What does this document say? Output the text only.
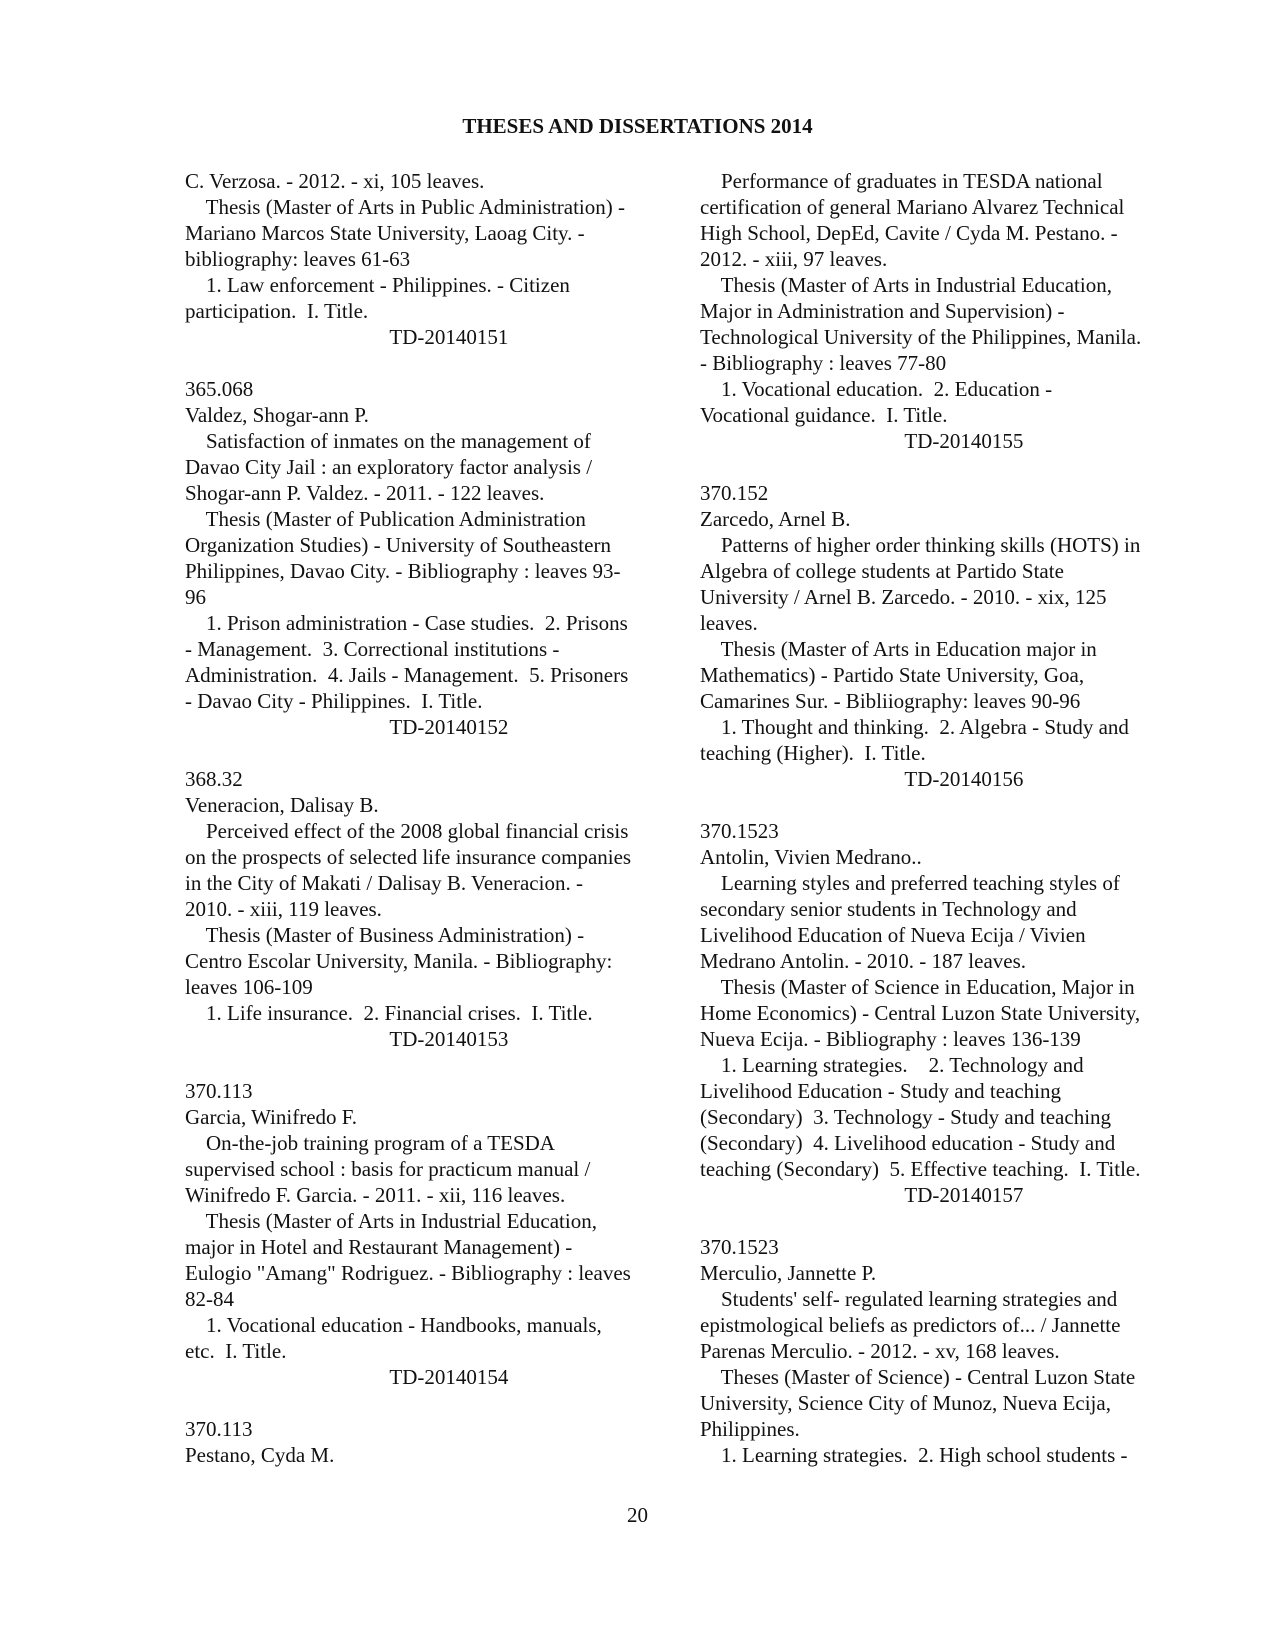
THESES AND DISSERTATIONS 2014
C. Verzosa. - 2012. - xi, 105 leaves.
Thesis (Master of Arts in Public Administration) -
Mariano Marcos State University, Laoag City. -
bibliography: leaves 61-63
1. Law enforcement - Philippines. - Citizen
participation.  I. Title.
TD-20140151
365.068
Valdez, Shogar-ann P.
Satisfaction of inmates on the management of
Davao City Jail : an exploratory factor analysis /
Shogar-ann P. Valdez. - 2011. - 122 leaves.
Thesis (Master of Publication Administration
Organization Studies) - University of Southeastern
Philippines, Davao City. - Bibliography : leaves 93-
96
1. Prison administration - Case studies.  2. Prisons
- Management.  3. Correctional institutions -
Administration.  4. Jails - Management.  5. Prisoners
- Davao City - Philippines.  I. Title.
TD-20140152
368.32
Veneracion, Dalisay B.
Perceived effect of the 2008 global financial crisis
on the prospects of selected life insurance companies
in the City of Makati / Dalisay B. Veneracion. -
2010. - xiii, 119 leaves.
Thesis (Master of Business Administration) -
Centro Escolar University, Manila. - Bibliography:
leaves 106-109
1. Life insurance.  2. Financial crises.  I. Title.
TD-20140153
370.113
Garcia, Winifredo F.
On-the-job training program of a TESDA
supervised school : basis for practicum manual /
Winifredo F. Garcia. - 2011. - xii, 116 leaves.
Thesis (Master of Arts in Industrial Education,
major in Hotel and Restaurant Management) -
Eulogio "Amang" Rodriguez. - Bibliography : leaves
82-84
1. Vocational education - Handbooks, manuals,
etc.  I. Title.
TD-20140154
370.113
Pestano, Cyda M.
Performance of graduates in TESDA national
certification of general Mariano Alvarez Technical
High School, DepEd, Cavite / Cyda M. Pestano. -
2012. - xiii, 97 leaves.
Thesis (Master of Arts in Industrial Education,
Major in Administration and Supervision) -
Technological University of the Philippines, Manila.
- Bibliography : leaves 77-80
1. Vocational education.  2. Education -
Vocational guidance.  I. Title.
TD-20140155
370.152
Zarcedo, Arnel B.
Patterns of higher order thinking skills (HOTS) in
Algebra of college students at Partido State
University / Arnel B. Zarcedo. - 2010. - xix, 125
leaves.
Thesis (Master of Arts in Education major in
Mathematics) - Partido State University, Goa,
Camarines Sur. - Bibliiography: leaves 90-96
1. Thought and thinking.  2. Algebra - Study and
teaching (Higher).  I. Title.
TD-20140156
370.1523
Antolin, Vivien Medrano..
Learning styles and preferred teaching styles of
secondary senior students in Technology and
Livelihood Education of Nueva Ecija / Vivien
Medrano Antolin. - 2010. - 187 leaves.
Thesis (Master of Science in Education, Major in
Home Economics) - Central Luzon State University,
Nueva Ecija. - Bibliography : leaves 136-139
1. Learning strategies.    2. Technology and
Livelihood Education - Study and teaching
(Secondary)  3. Technology - Study and teaching
(Secondary)  4. Livelihood education - Study and
teaching (Secondary)  5. Effective teaching.  I. Title.
TD-20140157
370.1523
Merculio, Jannette P.
Students' self- regulated learning strategies and
epistmological beliefs as predictors of... / Jannette
Parenas Merculio. - 2012. - xv, 168 leaves.
Theses (Master of Science) - Central Luzon State
University, Science City of Munoz, Nueva Ecija,
Philippines.
1. Learning strategies.  2. High school students -
20
